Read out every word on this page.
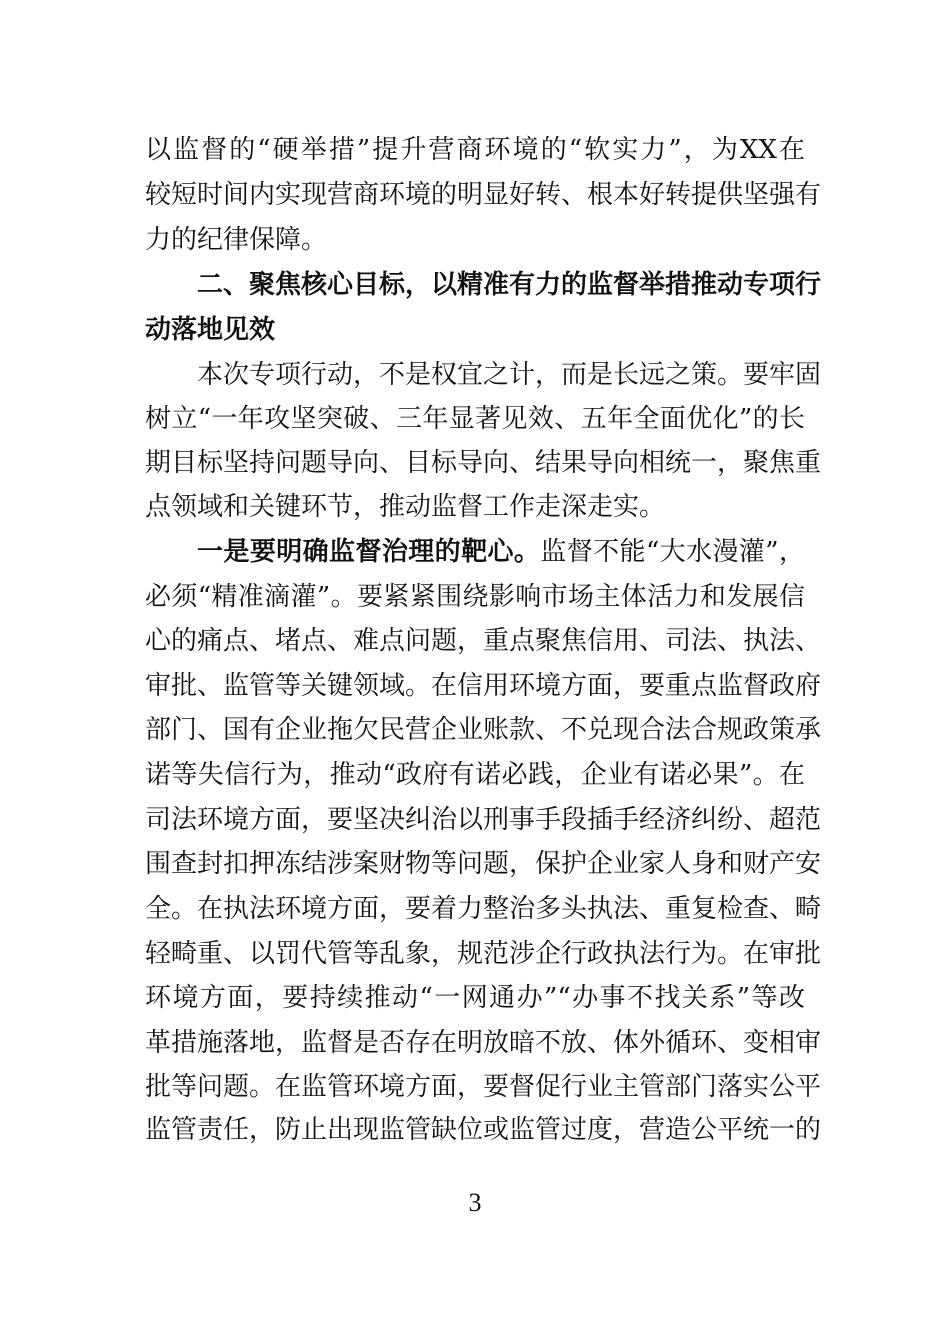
以监督的“硬举措”提升营商环境的“软实力”，为XX在
较短时间内实现营商环境的明显好转、根本好转提供坚强有
力的纪律保障。
二、聚焦核心目标，以精准有力的监督举措推动专项行
动落地见效
本次专项行动，不是权宜之计，而是长远之策。要牢固
树立“一年攻坚突破、三年显著见效、五年全面优化”的长
期目标坚持问题导向、目标导向、结果导向相统一，聚焦重
点领域和关键环节，推动监督工作走深走实。
一是要明确监督治理的靶心。监督不能“大水漫灌”，
必须“精准滴灌”。要紧紧围绕影响市场主体活力和发展信
心的痛点、堵点、难点问题，重点聚焦信用、司法、执法、
审批、监管等关键领域。在信用环境方面，要重点监督政府
部门、国有企业拖欠民营企业账款、不兑现合法合规政策承
诺等失信行为，推动“政府有诺必践，企业有诺必果”。在
司法环境方面，要坚决纠治以刑事手段插手经济纠纷、超范
围查封扣押冻结涉案财物等问题，保护企业家人身和财产安
全。在执法环境方面，要着力整治多头执法、重复检查、畸
轻畸重、以罚代管等乱象，规范涉企行政执法行为。在审批
环境方面，要持续推动“一网通办”“办事不找关系”等改
革措施落地，监督是否存在明放暗不放、体外循环、变相审
批等问题。在监管环境方面，要督促行业主管部门落实公平
监管责任，防止出现监管缺位或监管过度，营造公平统一的
3
